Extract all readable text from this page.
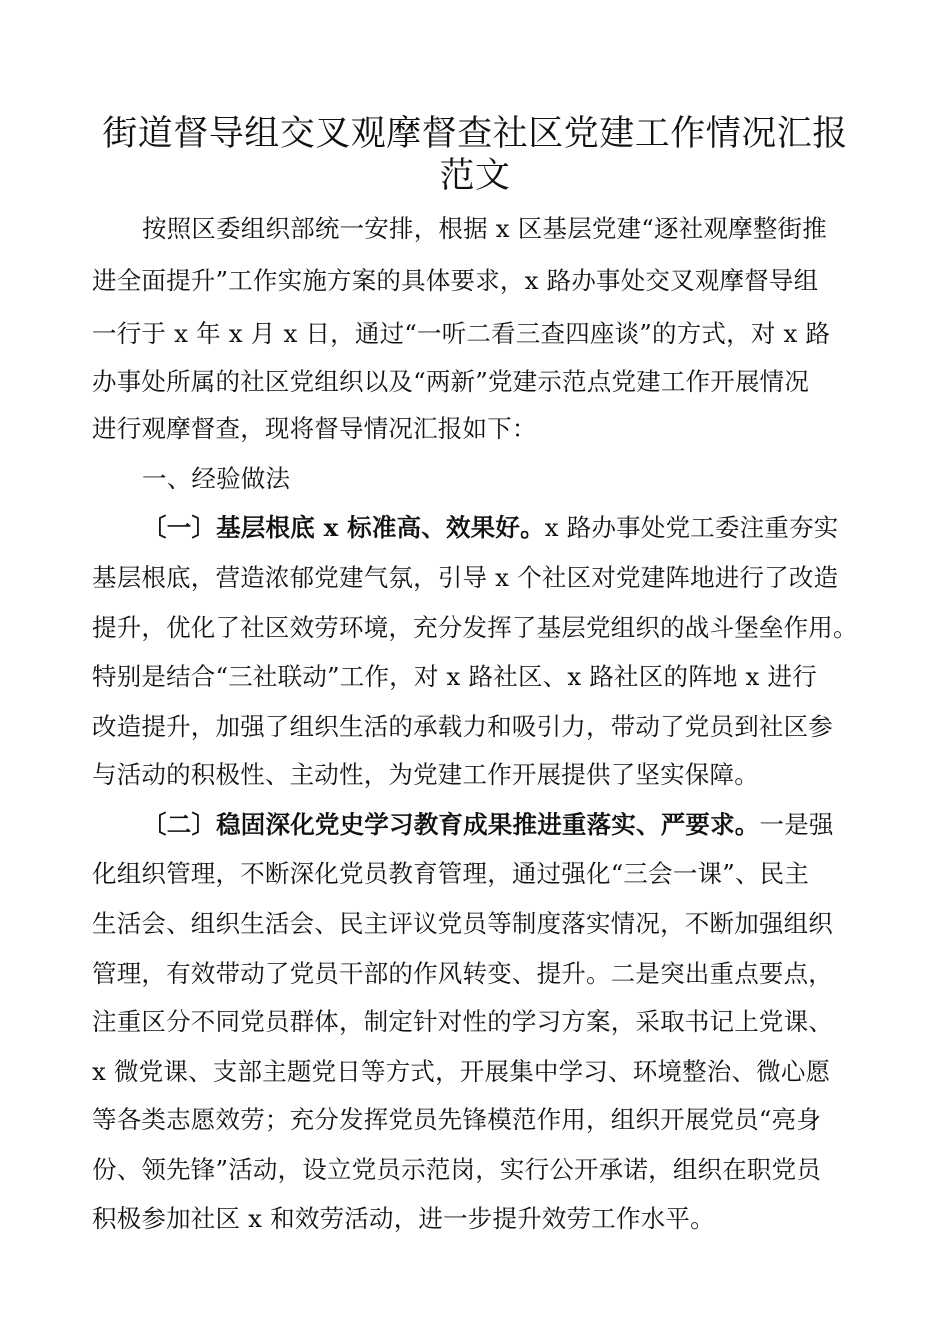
街道督导组交叉观摩督查社区党建工作情况汇报
范文
按照区委组织部统一安排，根据 x 区基层党建“逐社观摩整街推
进全面提升”工作实施方案的具体要求，x 路办事处交叉观摩督导组
一行于 x 年 x 月 x 日，通过“一听二看三查四座谈”的方式，对 x 路
办事处所属的社区党组织以及“两新”党建示范点党建工作开展情况
进行观摩督查，现将督导情况汇报如下：
一、经验做法
〔一〕基层根底 x 标准高、效果好。x 路办事处党工委注重夯实
基层根底，营造浓郁党建气氛，引导 x 个社区对党建阵地进行了改造
提升，优化了社区效劳环境，充分发挥了基层党组织的战斗堡垒作用。
特别是结合“三社联动”工作，对 x 路社区、x 路社区的阵地 x 进行
改造提升，加强了组织生活的承载力和吸引力，带动了党员到社区参
与活动的积极性、主动性，为党建工作开展提供了坚实保障。
〔二〕稳固深化党史学习教育成果推进重落实、严要求。一是强
化组织管理，不断深化党员教育管理，通过强化“三会一课”、民主
生活会、组织生活会、民主评议党员等制度落实情况，不断加强组织
管理，有效带动了党员干部的作风转变、提升。二是突出重点要点，
注重区分不同党员群体，制定针对性的学习方案，采取书记上党课、
x 微党课、支部主题党日等方式，开展集中学习、环境整治、微心愿
等各类志愿效劳；充分发挥党员先锋模范作用，组织开展党员“亮身
份、领先锋”活动，设立党员示范岗，实行公开承诺，组织在职党员
积极参加社区 x 和效劳活动，进一步提升效劳工作水平。
